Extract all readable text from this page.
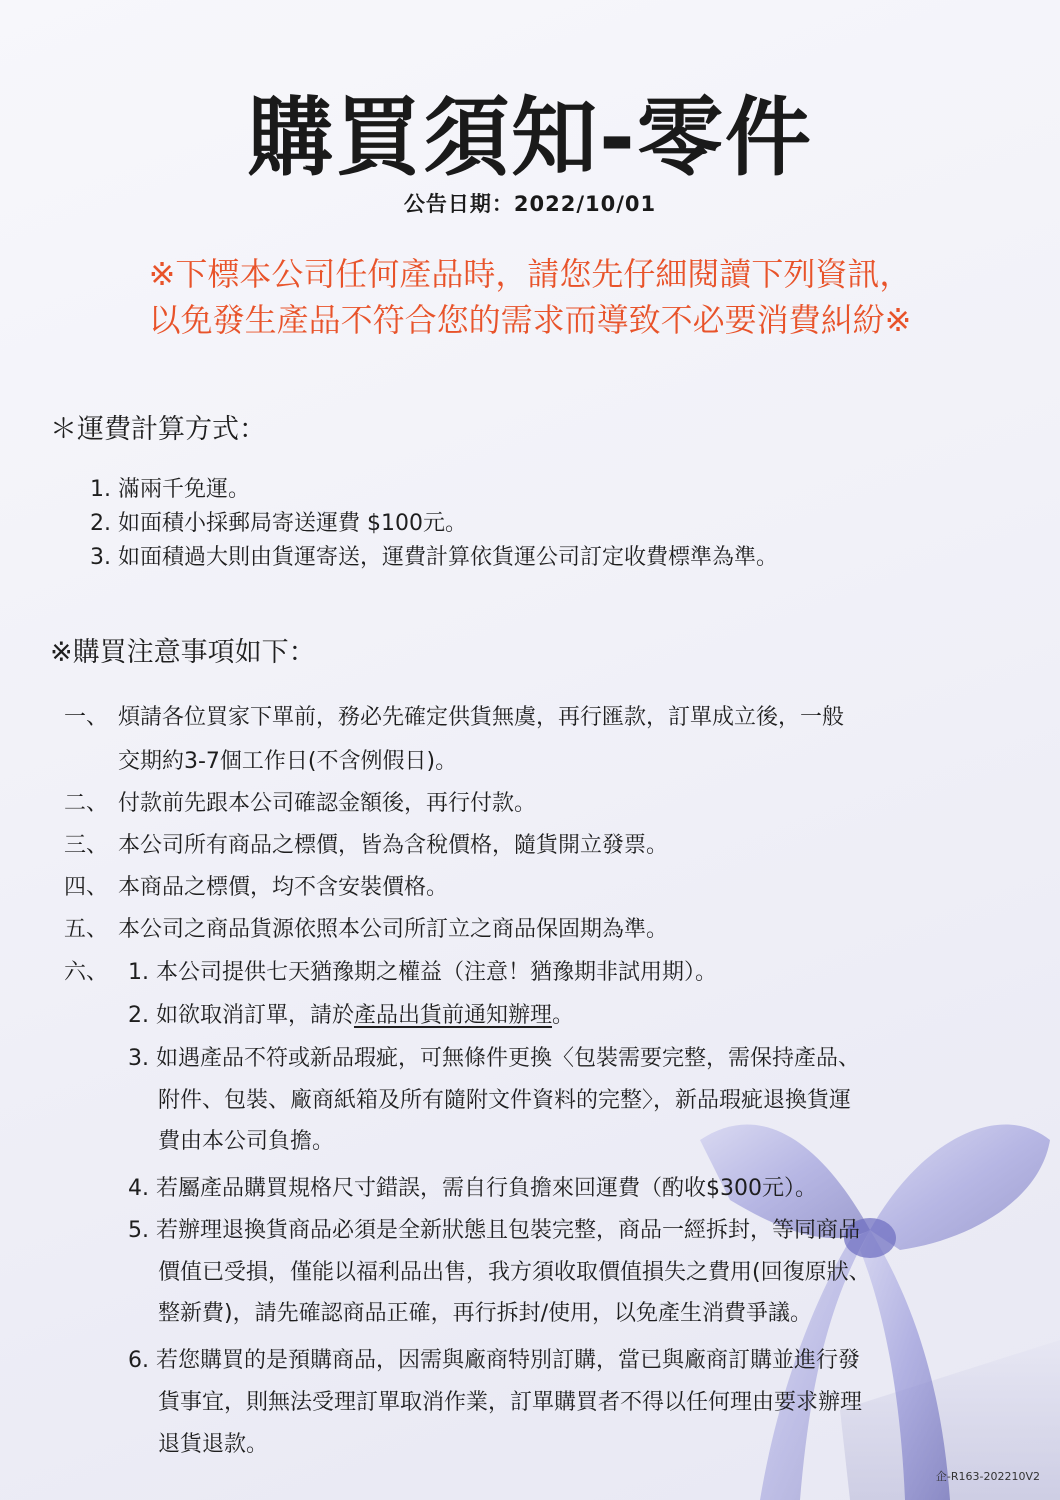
購買須知-零件
公告日期：2022/10/01
※下標本公司任何產品時，請您先仔細閱讀下列資訊，
以免發生產品不符合您的需求而導致不必要消費糾紛※
＊運費計算方式：
1. 滿兩千免運。
2. 如面積小採郵局寄送運費 $100元。
3. 如面積過大則由貨運寄送，運費計算依貨運公司訂定收費標準為準。
※購買注意事項如下：
一、 煩請各位買家下單前，務必先確定供貨無虞，再行匯款，訂單成立後，一般
交期約3-7個工作日(不含例假日)。
二、 付款前先跟本公司確認金額後，再行付款。
三、 本公司所有商品之標價，皆為含稅價格，隨貨開立發票。
四、 本商品之標價，均不含安裝價格。
五、 本公司之商品貨源依照本公司所訂立之商品保固期為準。
六、 1. 本公司提供七天猶豫期之權益（注意！猶豫期非試用期）。
2. 如欲取消訂單，請於產品出貨前通知辦理。
3. 如遇產品不符或新品瑕疵，可無條件更換〈包裝需要完整，需保持產品、
附件、包裝、廠商紙箱及所有隨附文件資料的完整〉，新品瑕疵退換貨運
費由本公司負擔。
4. 若屬產品購買規格尺寸錯誤，需自行負擔來回運費（酌收$300元）。
5. 若辦理退換貨商品必須是全新狀態且包裝完整，商品一經拆封，等同商品
價值已受損，僅能以福利品出售，我方須收取價值損失之費用(回復原狀、
整新費)，請先確認商品正確，再行拆封/使用，以免產生消費爭議。
6. 若您購買的是預購商品，因需與廠商特別訂購，當已與廠商訂購並進行發
貨事宜，則無法受理訂單取消作業，訂單購買者不得以任何理由要求辦理
退貨退款。
企-R163-202210V2
